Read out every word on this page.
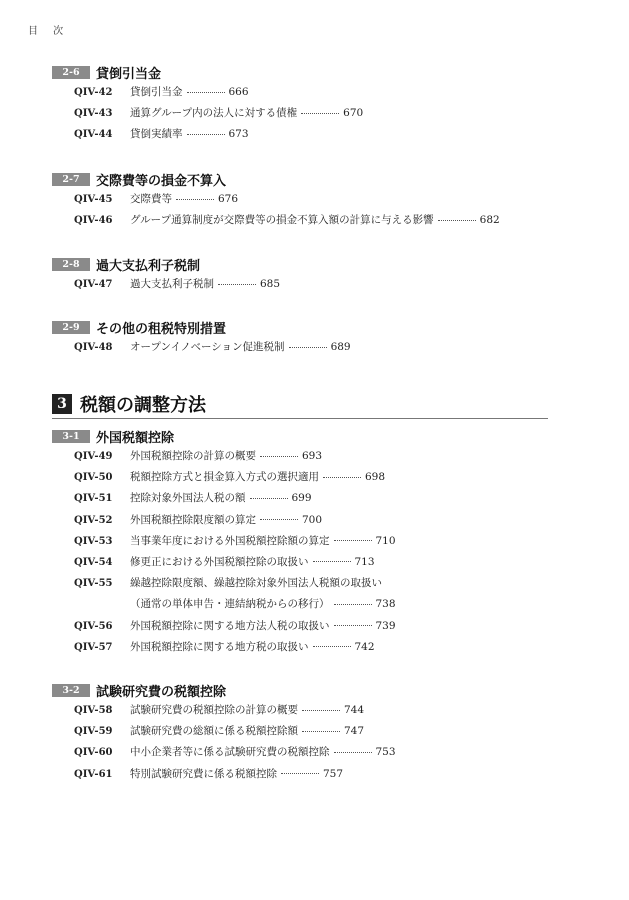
目 次
2-6	貸倒引当金
QIV-42	貸倒引当金	666
QIV-43	通算グループ内の法人に対する債権	670
QIV-44	貸倒実績率	673
2-7	交際費等の損金不算入
QIV-45	交際費等	676
QIV-46	グループ通算制度が交際費等の損金不算入額の計算に与える影響	682
2-8	過大支払利子税制
QIV-47	過大支払利子税制	685
2-9	その他の租税特別措置
QIV-48	オープンイノベーション促進税制	689
3 税額の調整方法
3-1	外国税額控除
QIV-49	外国税額控除の計算の概要	693
QIV-50	税額控除方式と損金算入方式の選択適用	698
QIV-51	控除対象外国法人税の額	699
QIV-52	外国税額控除限度額の算定	700
QIV-53	当事業年度における外国税額控除額の算定	710
QIV-54	修更正における外国税額控除の取扱い	713
QIV-55	繰越控除限度額、繰越控除対象外国法人税額の取扱い
（通常の単体申告・連結納税からの移行）	738
QIV-56	外国税額控除に関する地方法人税の取扱い	739
QIV-57	外国税額控除に関する地方税の取扱い	742
3-2	試験研究費の税額控除
QIV-58	試験研究費の税額控除の計算の概要	744
QIV-59	試験研究費の総額に係る税額控除額	747
QIV-60	中小企業者等に係る試験研究費の税額控除	753
QIV-61	特別試験研究費に係る税額控除	757
